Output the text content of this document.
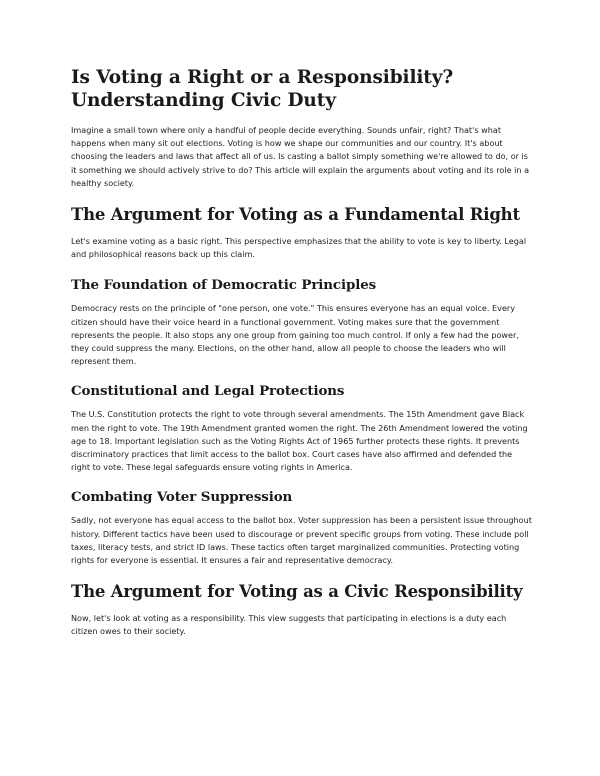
Is Voting a Right or a Responsibility?
Understanding Civic Duty

Imagine a small town where only a handful of people decide everything. Sounds unfair, right? That's what happens when many sit out elections. Voting is how we shape our communities and our country. It's about choosing the leaders and laws that affect all of us. Is casting a ballot simply something we're allowed to do, or is it something we should actively strive to do? This article will explain the arguments about voting and its role in a healthy society.

The Argument for Voting as a Fundamental Right

Let's examine voting as a basic right. This perspective emphasizes that the ability to vote is key to liberty. Legal and philosophical reasons back up this claim.

The Foundation of Democratic Principles

Democracy rests on the principle of "one person, one vote." This ensures everyone has an equal voice. Every citizen should have their voice heard in a functional government. Voting makes sure that the government represents the people. It also stops any one group from gaining too much control. If only a few had the power, they could suppress the many. Elections, on the other hand, allow all people to choose the leaders who will represent them.

Constitutional and Legal Protections

The U.S. Constitution protects the right to vote through several amendments. The 15th Amendment gave Black men the right to vote. The 19th Amendment granted women the right. The 26th Amendment lowered the voting age to 18. Important legislation such as the Voting Rights Act of 1965 further protects these rights. It prevents discriminatory practices that limit access to the ballot box. Court cases have also affirmed and defended the right to vote. These legal safeguards ensure voting rights in America.

Combating Voter Suppression

Sadly, not everyone has equal access to the ballot box. Voter suppression has been a persistent issue throughout history. Different tactics have been used to discourage or prevent specific groups from voting. These include poll taxes, literacy tests, and strict ID laws. These tactics often target marginalized communities. Protecting voting rights for everyone is essential. It ensures a fair and representative democracy.

The Argument for Voting as a Civic Responsibility

Now, let's look at voting as a responsibility. This view suggests that participating in elections is a duty each citizen owes to their society.
